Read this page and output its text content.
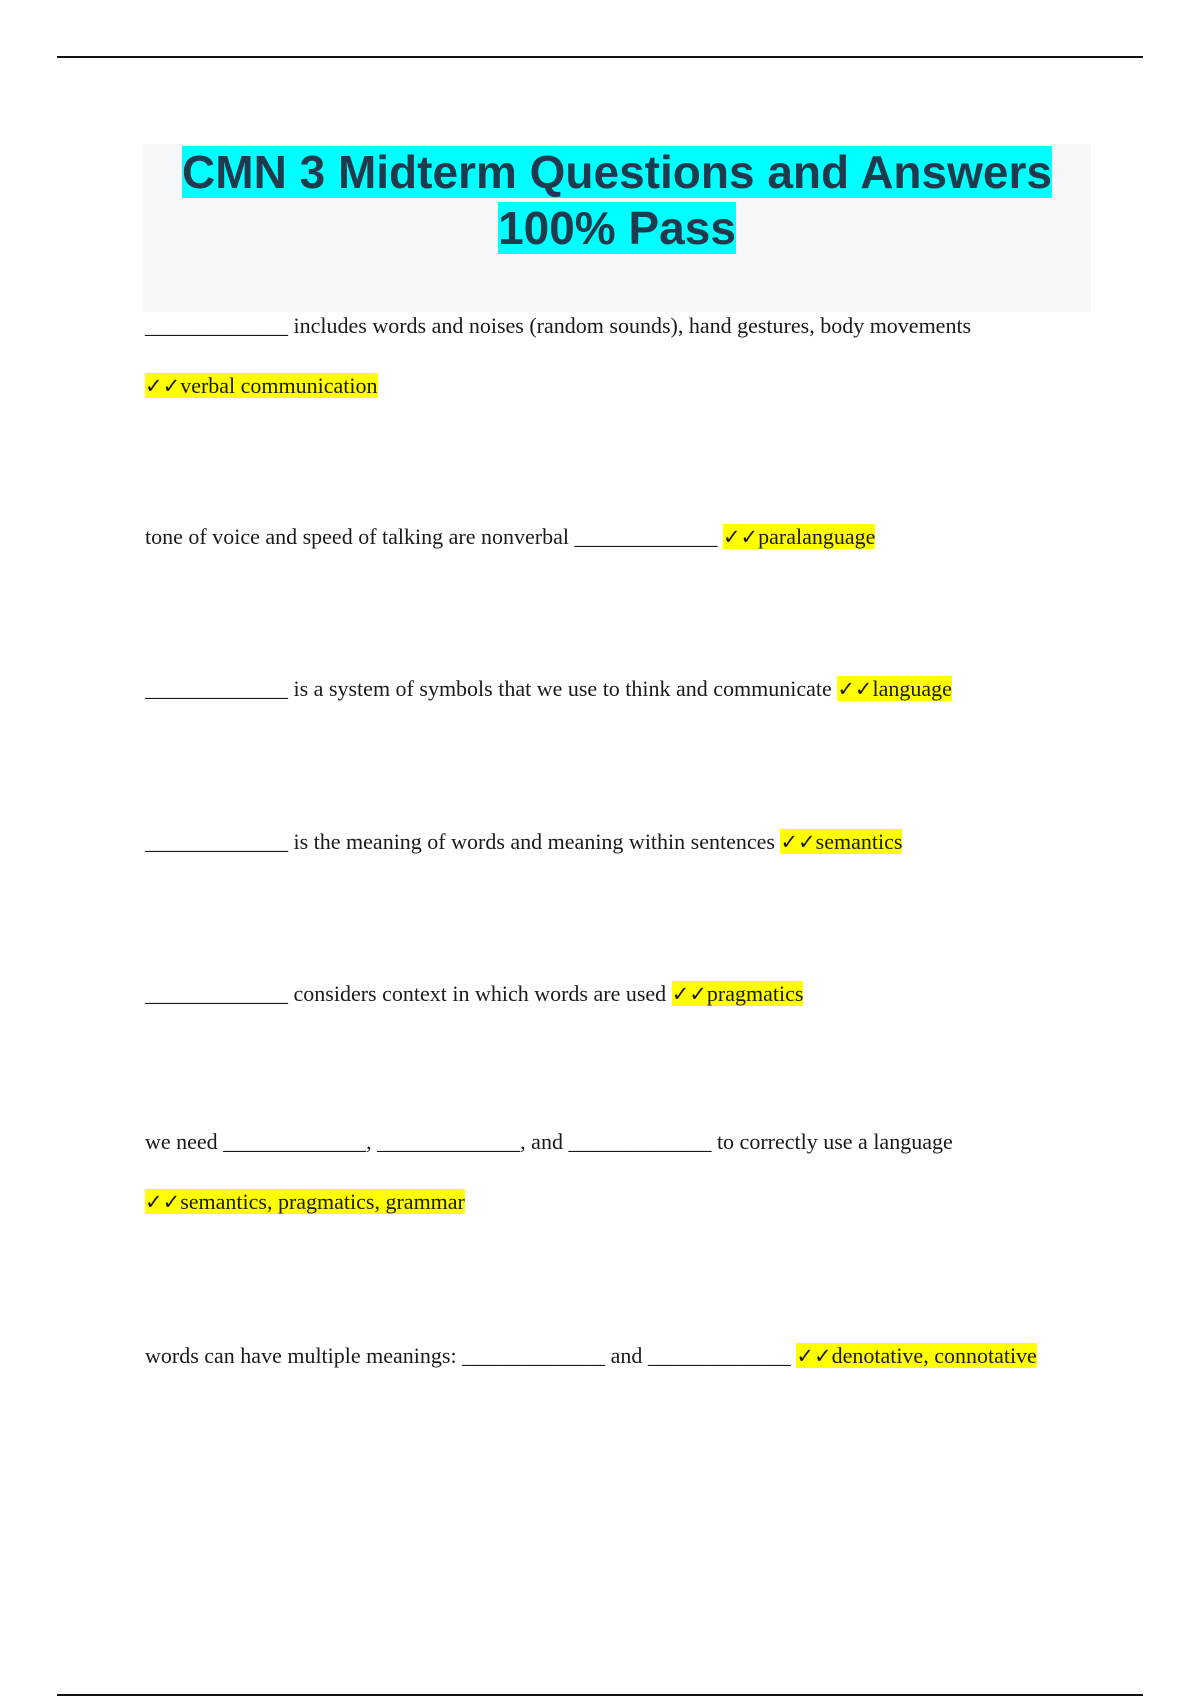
CMN 3 Midterm Questions and Answers
100% Pass
_____________ includes words and noises (random sounds), hand gestures, body movements
✓✓verbal communication
tone of voice and speed of talking are nonverbal _____________ ✓✓paralanguage
_____________ is a system of symbols that we use to think and communicate ✓✓language
_____________ is the meaning of words and meaning within sentences ✓✓semantics
_____________ considers context in which words are used ✓✓pragmatics
we need _____________, _____________, and _____________ to correctly use a language
✓✓semantics, pragmatics, grammar
words can have multiple meanings: _____________ and _____________ ✓✓denotative, connotative
